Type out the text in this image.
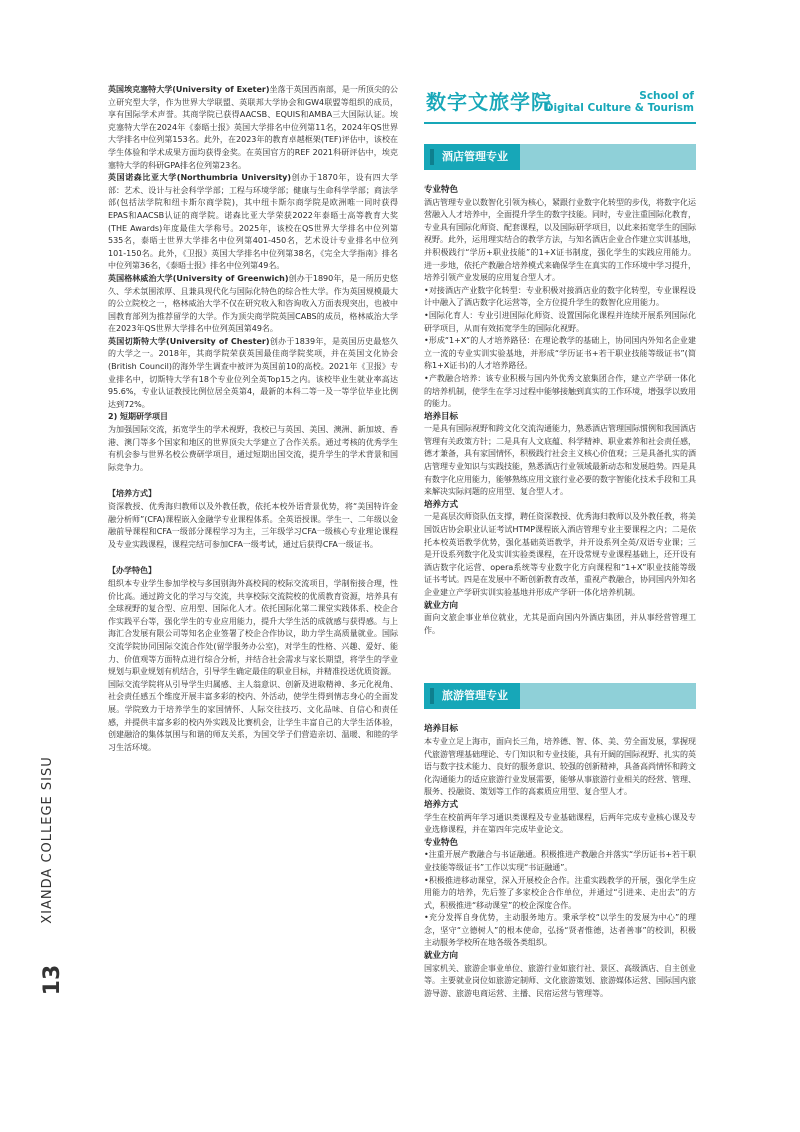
XIANDA COLLEGE SISU
13

英国埃克塞特大学(University of Exeter)坐落于英国西南部，是一所顶尖的公立研究型大学，作为世界大学联盟、英联邦大学协会和GW4联盟等组织的成员，享有国际学术声誉。其商学院已获得AACSB、EQUIS和AMBA三大国际认证。埃克塞特大学在2024年《泰晤士报》英国大学排名中位列第11名，2024年QS世界大学排名中位列第153名。此外，在2023年的教育卓越框架(TEF)评估中，该校在学生体验和学术成果方面均获得金奖。在英国官方的REF 2021科研评估中，埃克塞特大学的科研GPA排名位列第23名。

英国诺森比亚大学(Northumbria University)创办于1870年，设有四大学部：艺术、设计与社会科学学部；工程与环境学部；健康与生命科学学部；商法学部(包括法学院和纽卡斯尔商学院)，其中纽卡斯尔商学院是欧洲唯一同时获得EPAS和AACSB认证的商学院。诺森比亚大学荣获2022年泰晤士高等教育大奖(THE Awards)年度最佳大学称号。2025年，该校在QS世界大学排名中位列第535名，泰晤士世界大学排名中位列第401-450名，艺术设计专业排名中位列101-150名。此外，《卫报》英国大学排名中位列第38名，《完全大学指南》排名中位列第36名，《泰晤士报》排名中位列第49名。

英国格林威治大学(University of Greenwich)创办于1890年，是一所历史悠久、学术氛围浓厚、且兼具现代化与国际化特色的综合性大学。作为英国规模最大的公立院校之一，格林威治大学不仅在研究收入和咨询收入方面表现突出，也被中国教育部列为推荐留学的大学。作为顶尖商学院英国CABS的成员，格林威治大学在2023年QS世界大学排名中位列英国第49名。

英国切斯特大学(University of Chester)创办于1839年，是英国历史最悠久的大学之一。2018年，其商学院荣获英国最佳商学院奖项，并在英国文化协会(British Council)的海外学生调查中被评为英国前10的高校。2021年《卫报》专业排名中，切斯特大学有18个专业位列全英Top15之内。该校毕业生就业率高达95.6%，专业认证教授比例位居全英第4，最新的本科二等一及一等学位毕业比例达到72%。

2) 短期研学项目

为加强国际交流，拓宽学生的学术视野，我校已与英国、美国、澳洲、新加坡、香港、澳门等多个国家和地区的世界顶尖大学建立了合作关系。通过考核的优秀学生有机会参与世界名校公费研学项目，通过短期出国交流，提升学生的学术背景和国际竞争力。

【培养方式】

资深教授、优秀海归教师以及外教任教，依托本校外语背景优势，将“美国特许金融分析师”(CFA)课程嵌入金融学专业课程体系。全英语授课。学生一、二年级以金融前导课程和CFA一级部分课程学习为主，三年级学习CFA一级核心专业理论课程及专业实践课程，课程完结可参加CFA一级考试，通过后获得CFA一级证书。

【办学特色】

组织本专业学生参加学校与多国别海外高校间的校际交流项目，学制衔接合理，性价比高。通过跨文化的学习与交流，共享校际交流院校的优质教育资源，培养具有全球视野的复合型、应用型、国际化人才。依托国际化第二课堂实践体系、校企合作实践平台等，强化学生的专业应用能力，提升大学生活的成就感与获得感。与上海汇合发展有限公司等知名企业签署了校企合作协议，助力学生高质量就业。国际交流学院协同国际交流合作处(留学服务办公室)，对学生的性格、兴趣、爱好、能力、价值观等方面特点进行综合分析，并结合社会需求与家长期望，将学生的学业规划与职业规划有机结合，引导学生确定最佳的职业目标，并精准投送优质资源。

国际交流学院将从引导学生归属感、主人翁意识、创新及进取精神、多元化视角、社会责任感五个维度开展丰富多彩的校内、外活动，使学生得到情志身心的全面发展。学院致力于培养学生的家国情怀、人际交往技巧、文化品味、自信心和责任感，并提供丰富多彩的校内外实践及比赛机会，让学生丰富自己的大学生活体验，创建融洽的集体氛围与和谐的师友关系，为国交学子们营造亲切、温暖、和睦的学习生活环境。

数字文旅学院	School of
Digital Culture & Tourism
酒店管理专业
专业特色

酒店管理专业以数智化引领为核心，紧跟行业数字化转型的步伐，将数字化运营融入人才培养中，全面提升学生的数字技能。同时，专业注重国际化教育，专业具有国际化师资、配套课程，以及国际研学项目，以此来拓宽学生的国际视野。此外，运用理实结合的教学方法，与知名酒店企业合作建立实训基地，并积极践行“学历+职业技能”的1+X证书制度，强化学生的实践应用能力。进一步地，依托产教融合培养模式来确保学生在真实的工作环境中学习提升，培养引领产业发展的应用复合型人才。

•对接酒店产业数字化转型：专业积极对接酒店业的数字化转型，专业课程设计中融入了酒店数字化运营等，全方位提升学生的数智化应用能力。

•国际化育人：专业引进国际化师资、设置国际化课程并连续开展系列国际化研学项目，从而有效拓宽学生的国际化视野。

•形成“1+X”的人才培养路径：在理论教学的基础上，协同国内外知名企业建立一流的专业实训实验基地，并形成“学历证书+若干职业技能等级证书”(简称1+X证书)的人才培养路径。

•产教融合培养：该专业积极与国内外优秀文旅集团合作，建立产学研一体化的培养机制，使学生在学习过程中能够接触到真实的工作环境，增强学以致用的能力。

培养目标

一是具有国际视野和跨文化交流沟通能力，熟悉酒店管理国际惯例和我国酒店管理有关政策方针；二是具有人文底蕴、科学精神、职业素养和社会责任感，德才兼备，具有家国情怀，积极践行社会主义核心价值观；三是具备扎实的酒店管理专业知识与实践技能，熟悉酒店行业领域最新动态和发展趋势。四是具有数字化应用能力，能够熟练应用文旅行业必要的数字智能化技术手段和工具来解决实际问题的应用型、复合型人才。

培养方式

一是高层次师资队伍支撑，聘任资深教授、优秀海归教师以及外教任教，将美国饭店协会职业认证考试HTMP课程嵌入酒店管理专业主要课程之内；二是依托本校英语教学优势，强化基础英语教学，并开设系列全英/双语专业课；三是开设系列数字化及实训实验类课程，在开设常规专业课程基础上，还开设有酒店数字化运营、opera系统等专业数字化方向课程和“1+X”职业技能等级证书考试。四是在发展中不断创新教育改革，重视产教融合，协同国内外知名企业建立产学研实训实验基地并形成产学研一体化培养机制。

就业方向

面向文旅企事业单位就业，尤其是面向国内外酒店集团，并从事经营管理工作。

旅游管理专业
培养目标

本专业立足上海市，面向长三角，培养德、智、体、美、劳全面发展，掌握现代旅游管理基础理论、专门知识和专业技能，具有开阔的国际视野、扎实的英语与数字技术能力、良好的服务意识、较强的创新精神，具备高尚情怀和跨文化沟通能力的适应旅游行业发展需要，能够从事旅游行业相关的经营、管理、服务、投融资、策划等工作的高素质应用型、复合型人才。

培养方式

学生在校前两年学习通识类课程及专业基础课程，后两年完成专业核心课及专业选修课程，并在第四年完成毕业论文。

专业特色

•注重开展产教融合与书证融通。积极推进产教融合并落实“学历证书+若干职业技能等级证书”工作以实现“书证融通”。

•积极推进移动课堂，深入开展校企合作。注重实践教学的开展，强化学生应用能力的培养，先后签了多家校企合作单位，并通过“引进来、走出去”的方式，积极推进“移动课堂”的校企深度合作。

•充分发挥自身优势，主动服务地方。秉承学校“以学生的发展为中心”的理念，坚守“立德树人”的根本使命，弘扬“贤者惟德，达者善事”的校训，积极主动服务学校所在地各级各类组织。

就业方向

国家机关、旅游企事业单位、旅游行业如旅行社、景区、高级酒店、自主创业等。主要就业岗位如旅游定制师、文化旅游策划、旅游媒体运营、国际国内旅游导游、旅游电商运营、主播、民宿运营与管理等。
